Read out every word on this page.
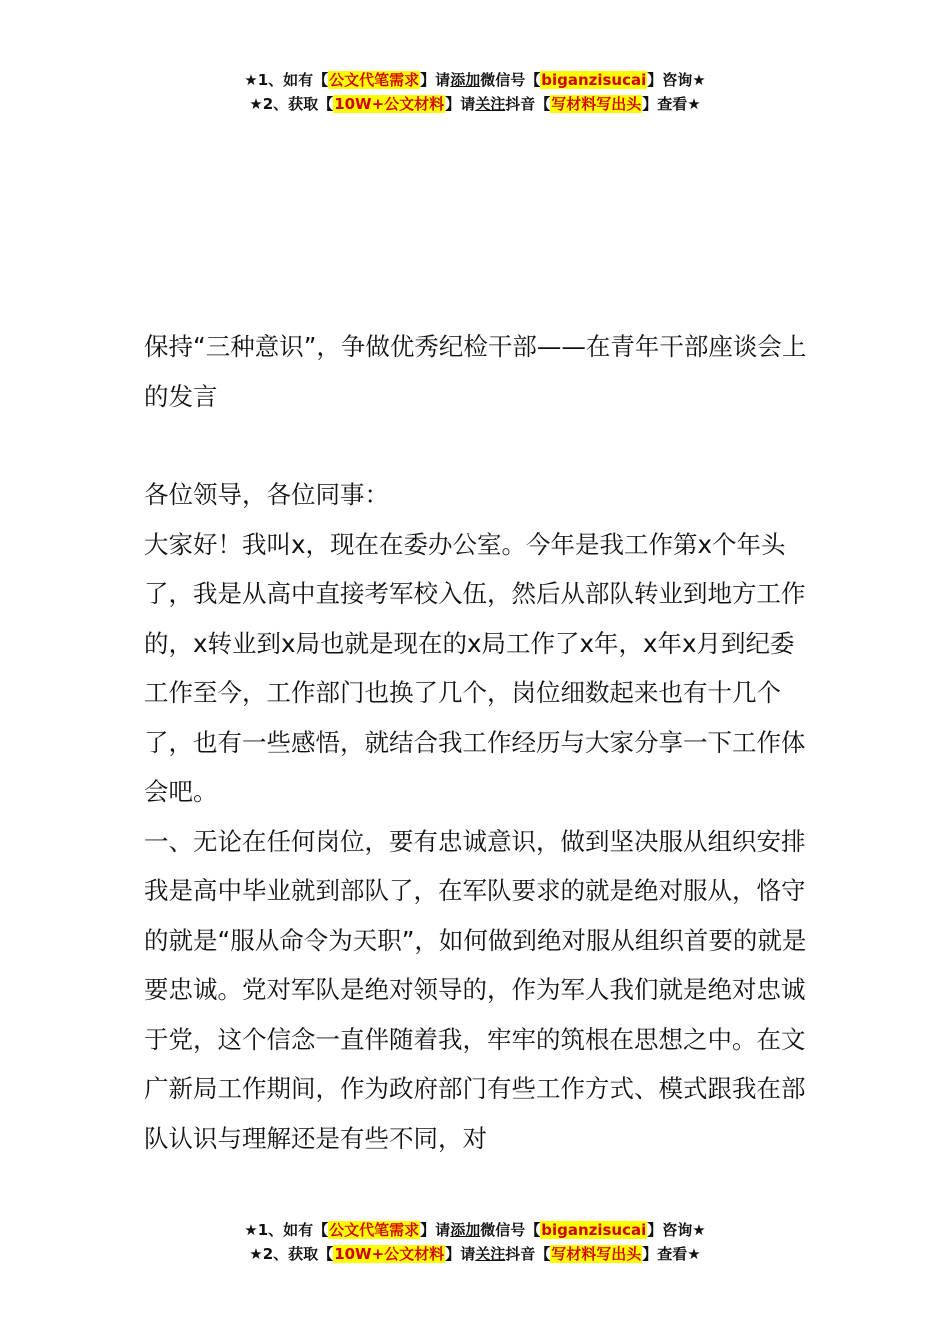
★1、如有【公文代笔需求】请添加微信号【biganzisucai】咨询★
★2、获取【10W+公文材料】请关注抖音【写材料写出头】查看★

保持“三种意识”，争做优秀纪检干部——在青年干部座谈会上的发言

各位领导，各位同事：

大家好！我叫x，现在在委办公室。今年是我工作第x个年头了，我是从高中直接考军校入伍，然后从部队转业到地方工作的，x转业到x局也就是现在的x局工作了x年，x年x月到纪委工作至今，工作部门也换了几个，岗位细数起来也有十几个了，也有一些感悟，就结合我工作经历与大家分享一下工作体会吧。

一、无论在任何岗位，要有忠诚意识，做到坚决服从组织安排

我是高中毕业就到部队了，在军队要求的就是绝对服从，恪守的就是“服从命令为天职”，如何做到绝对服从组织首要的就是要忠诚。党对军队是绝对领导的，作为军人我们就是绝对忠诚于党，这个信念一直伴随着我，牢牢的筑根在思想之中。在文广新局工作期间，作为政府部门有些工作方式、模式跟我在部队认识与理解还是有些不同，对

★1、如有【公文代笔需求】请添加微信号【biganzisucai】咨询★
★2、获取【10W+公文材料】请关注抖音【写材料写出头】查看★
